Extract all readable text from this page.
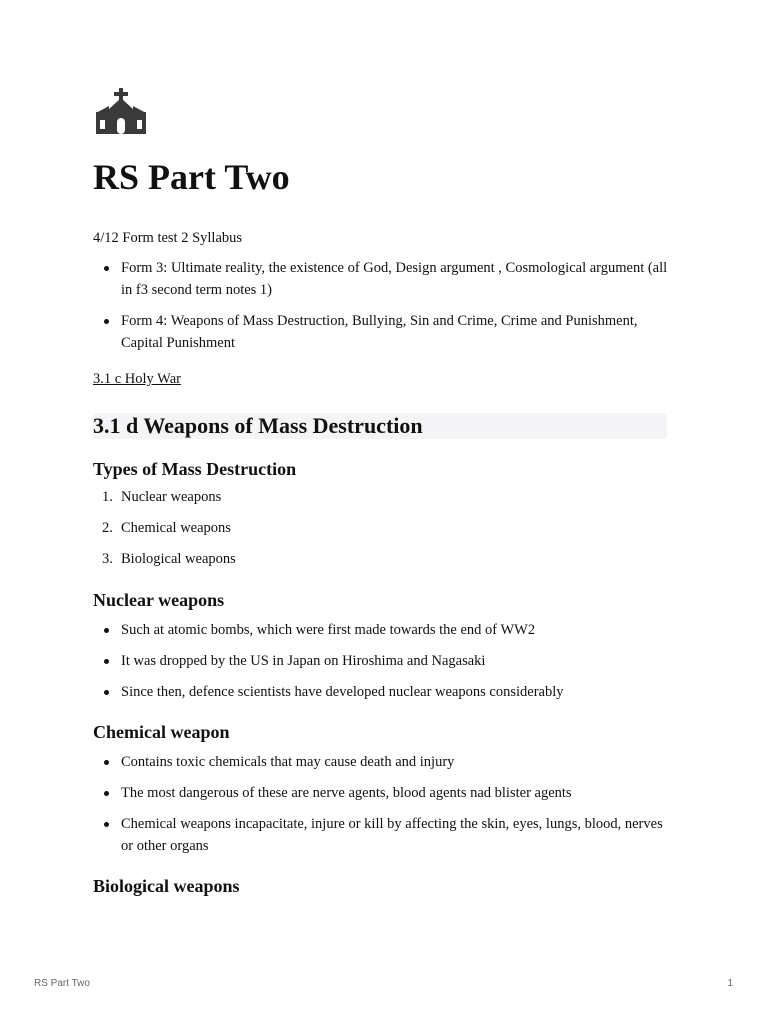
RS Part Two

4/12 Form test 2 Syllabus

Form 3: Ultimate reality, the existence of God, Design argument , Cosmological argument (all in f3 second term notes 1)
Form 4: Weapons of Mass Destruction, Bullying, Sin and Crime, Crime and Punishment, Capital Punishment
3.1 c Holy War
3.1 d Weapons of Mass Destruction
Types of Mass Destruction
1. Nuclear weapons
2. Chemical weapons
3. Biological weapons
Nuclear weapons
Such at atomic bombs, which were first made towards the end of WW2
It was dropped by the US in Japan on Hiroshima and Nagasaki
Since then, defence scientists have developed nuclear weapons considerably
Chemical weapon
Contains toxic chemicals that may cause death and injury
The most dangerous of these are nerve agents, blood agents nad blister agents
Chemical weapons incapacitate, injure or kill by affecting the skin, eyes, lungs, blood, nerves or other organs
Biological weapons
RS Part Two	1
